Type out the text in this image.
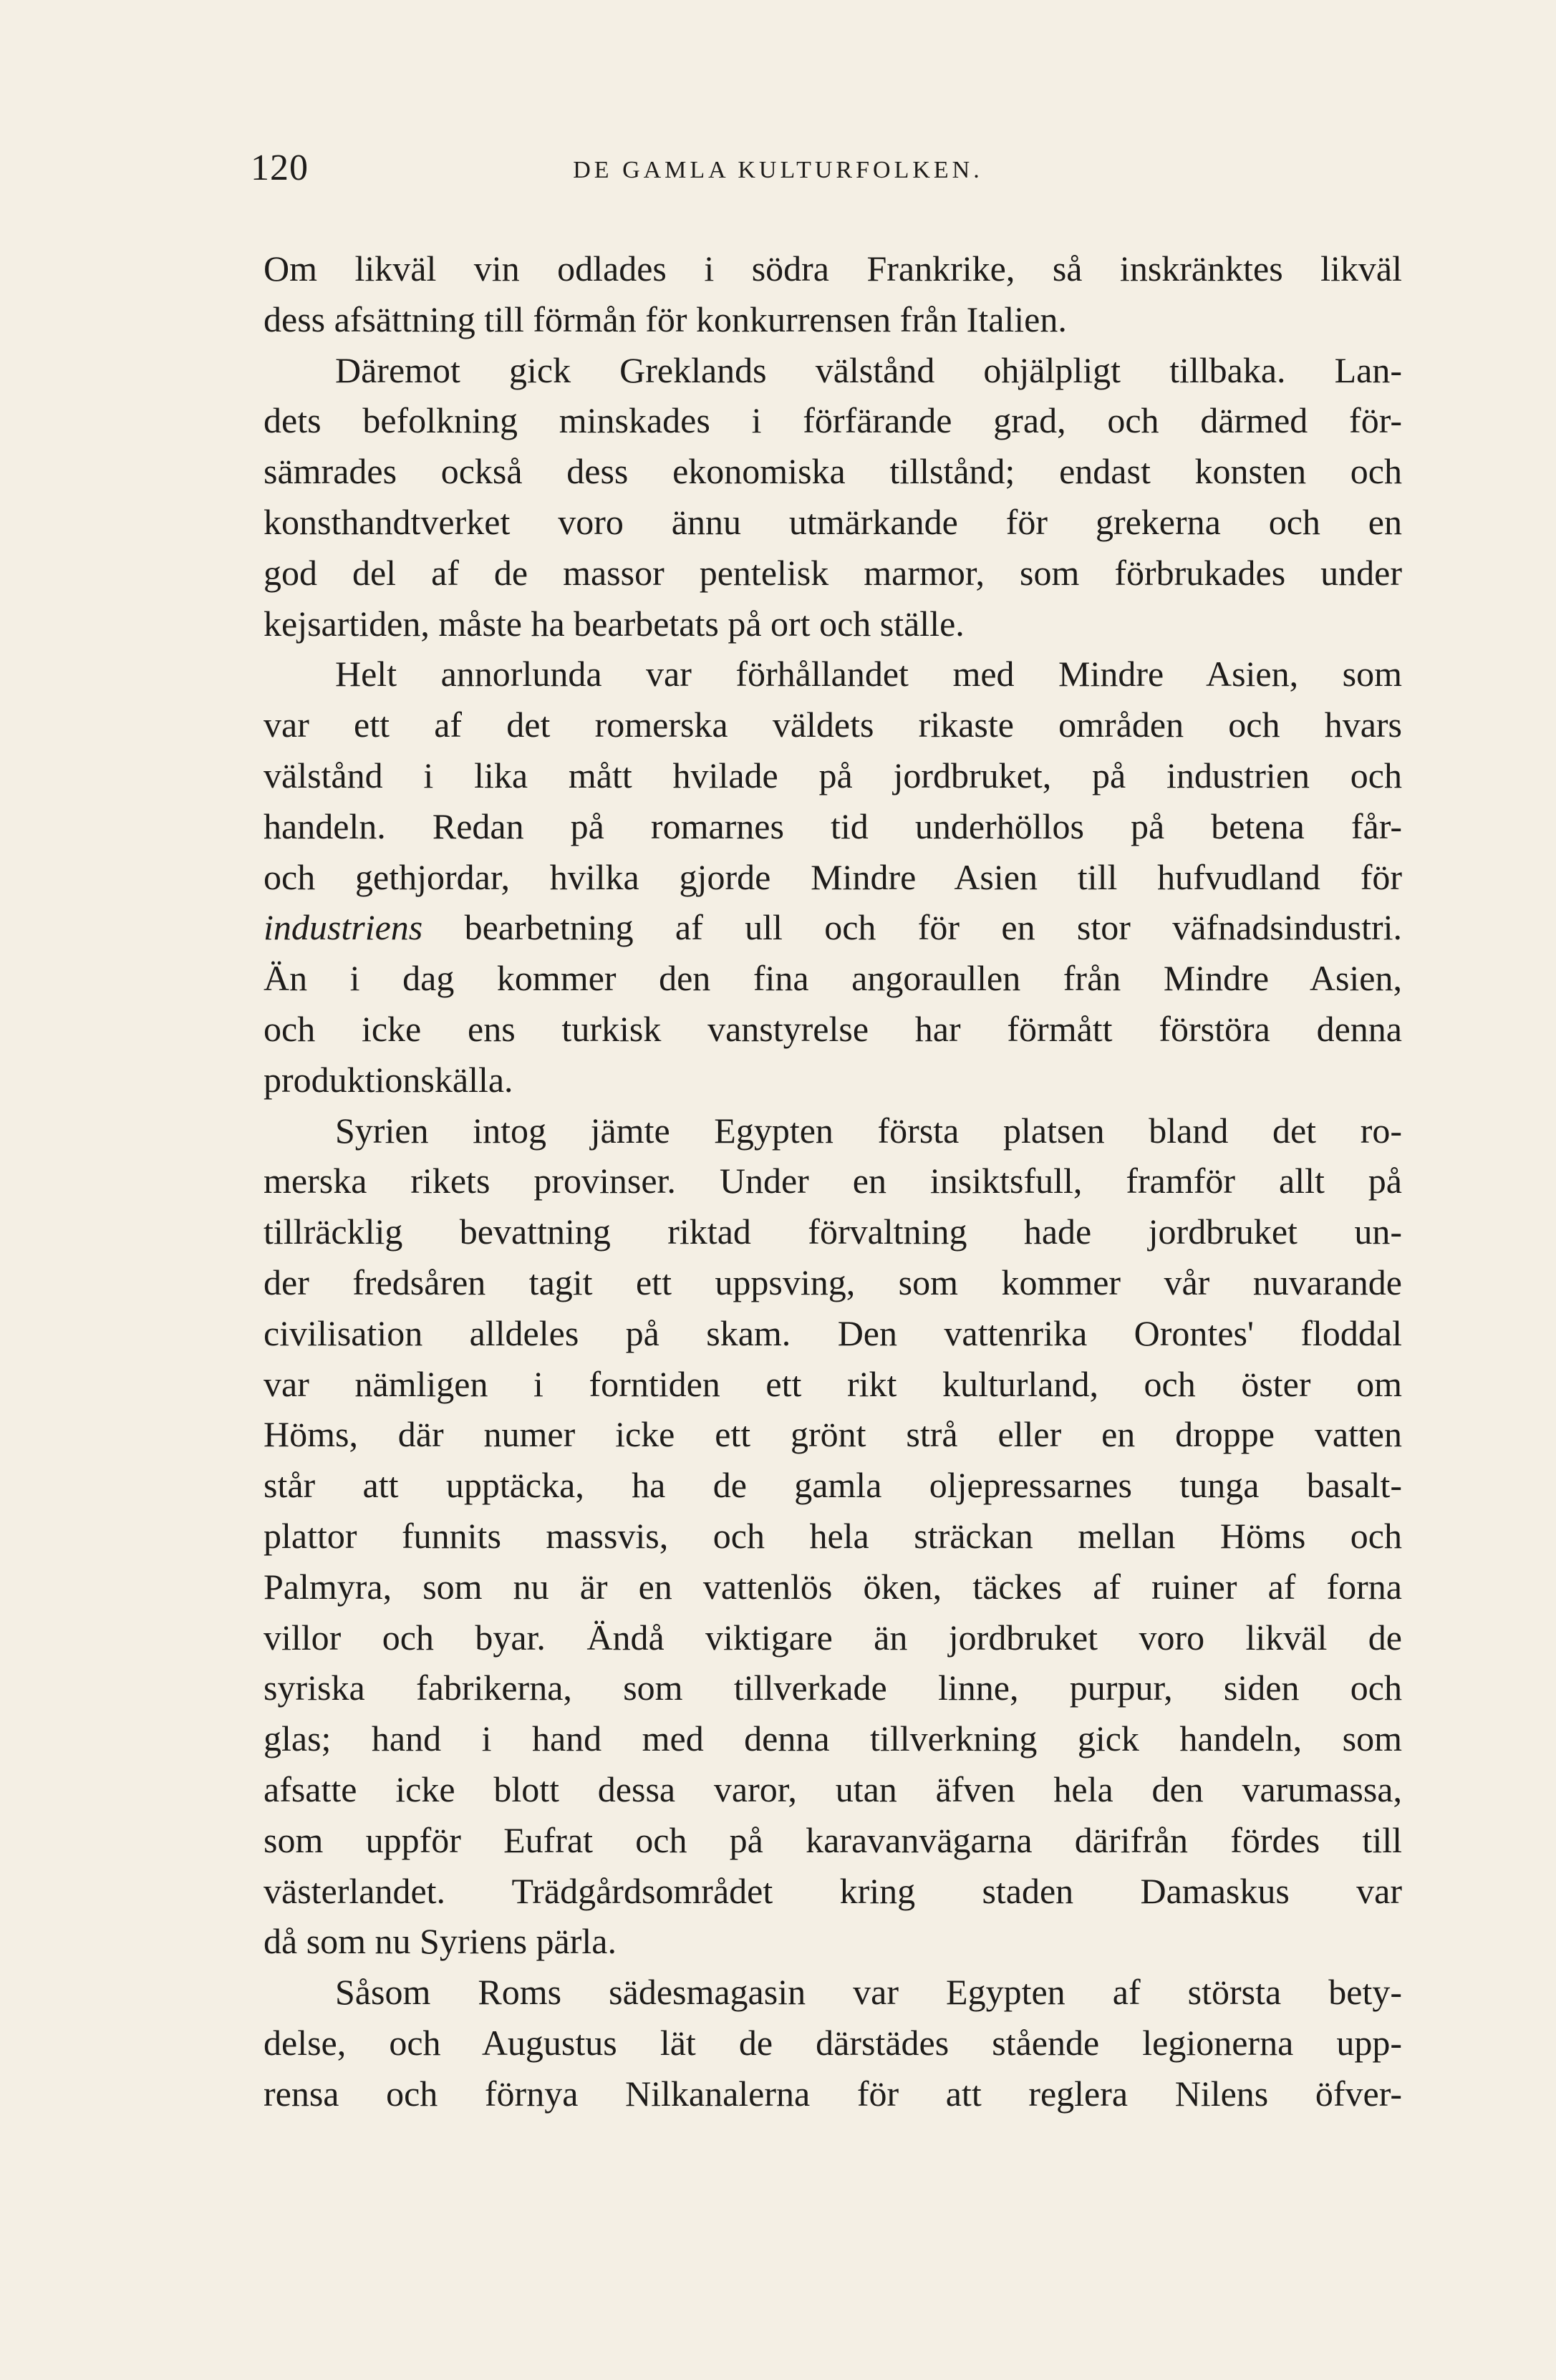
120	DE GAMLA KULTURFOLKEN.
Om likväl vin odlades i södra Frankrike, så inskränktes likväl
dess afsättning till förmån för konkurrensen från Italien.
Däremot gick Greklands välstånd ohjälpligt tillbaka. Lan-
dets befolkning minskades i förfärande grad, och därmed för-
sämrades också dess ekonomiska tillstånd; endast konsten och
konsthandtverket voro ännu utmärkande för grekerna och en
god del af de massor pentelisk marmor, som förbrukades under
kejsartiden, måste ha bearbetats på ort och ställe.
Helt annorlunda var förhållandet med Mindre Asien, som
var ett af det romerska väldets rikaste områden och hvars
välstånd i lika mått hvilade på jordbruket, på industrien och
handeln. Redan på romarnes tid underhöllos på betena får-
och gethjordar, hvilka gjorde Mindre Asien till hufvudland för
industriens bearbetning af ull och för en stor väfnadsindustri.
Än i dag kommer den fina angoraullen från Mindre Asien,
och icke ens turkisk vanstyrelse har förmått förstöra denna
produktionskälla.
Syrien intog jämte Egypten första platsen bland det ro-
merska rikets provinser. Under en insiktsfull, framför allt på
tillräcklig bevattning riktad förvaltning hade jordbruket un-
der fredsåren tagit ett uppsving, som kommer vår nuvarande
civilisation alldeles på skam. Den vattenrika Orontes' floddal
var nämligen i forntiden ett rikt kulturland, och öster om
Höms, där numer icke ett grönt strå eller en droppe vatten
står att upptäcka, ha de gamla oljepressarnes tunga basalt-
plattor funnits massvis, och hela sträckan mellan Höms och
Palmyra, som nu är en vattenlös öken, täckes af ruiner af forna
villor och byar. Ändå viktigare än jordbruket voro likväl de
syriska fabrikerna, som tillverkade linne, purpur, siden och
glas; hand i hand med denna tillverkning gick handeln, som
afsatte icke blott dessa varor, utan äfven hela den varumassa,
som uppför Eufrat och på karavanvägarna därifrån fördes till
västerlandet. Trädgårdsområdet kring staden Damaskus var
då som nu Syriens pärla.
Såsom Roms sädesmagasin var Egypten af största bety-
delse, och Augustus lät de därstädes stående legionerna upp-
rensa och förnya Nilkanalerna för att reglera Nilens öfver-
